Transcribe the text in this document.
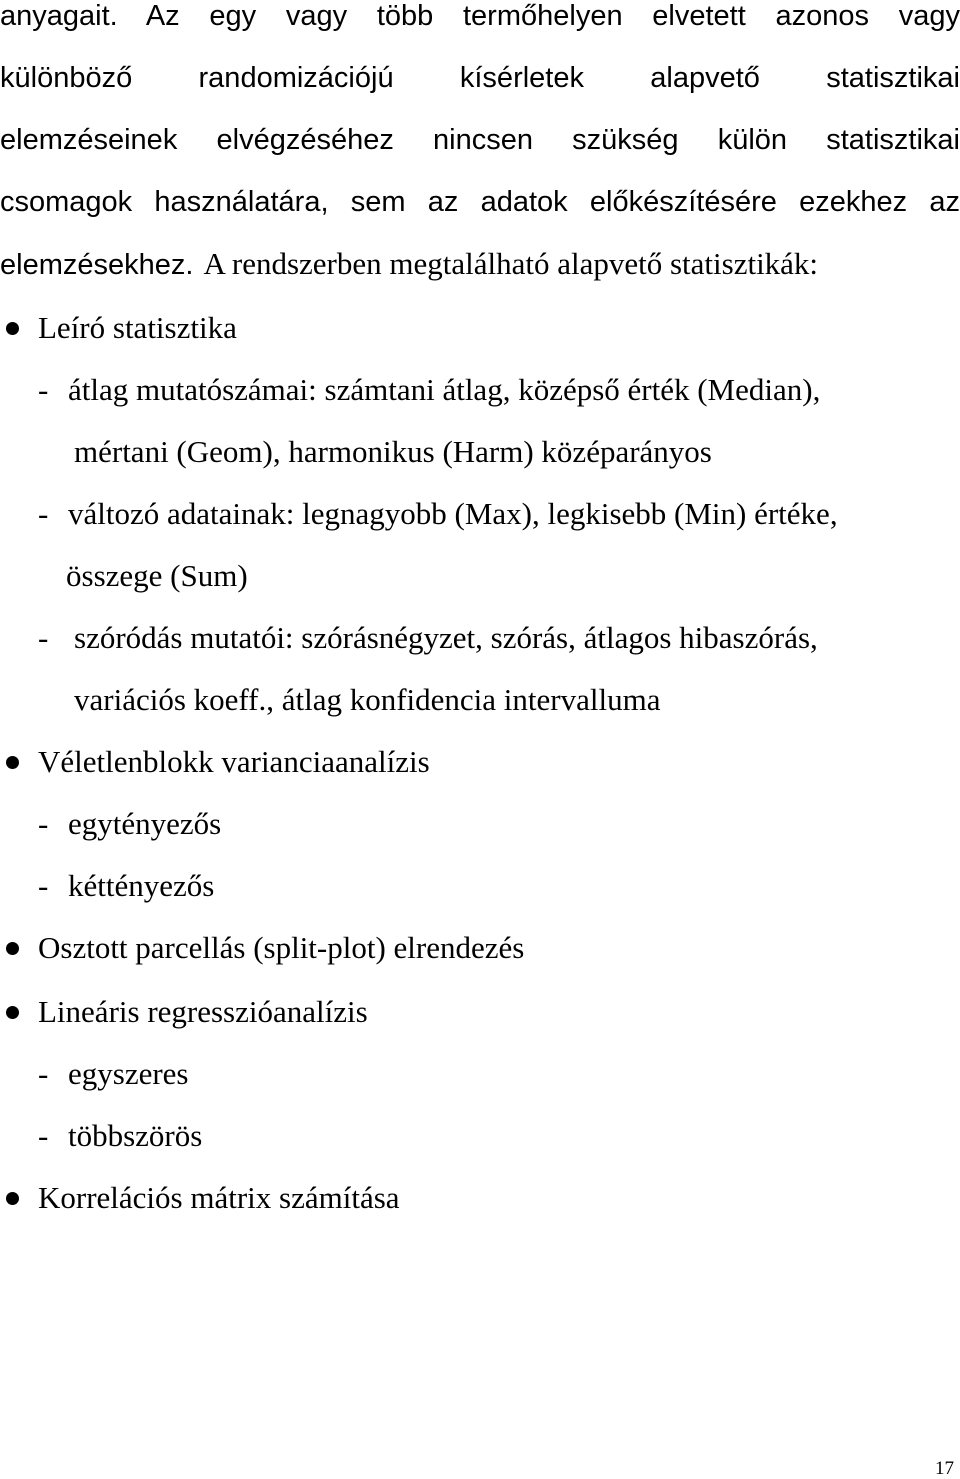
anyagait. Az egy vagy több termőhelyen elvetett azonos vagy
különböző randomizációjú kísérletek alapvető statisztikai
elemzéseinek elvégzéséhez nincsen szükség külön statisztikai
csomagok használatára, sem az adatok előkészítésére ezekhez az
elemzésekhez. A rendszerben megtalálható alapvető statisztikák:
Leíró statisztika
- átlag mutatószámai: számtani átlag, középső érték (Median),
mértani (Geom), harmonikus (Harm) középarányos
- változó adatainak: legnagyobb (Max), legkisebb (Min) értéke,
összege (Sum)
- szóródás mutatói: szórásnégyzet, szórás, átlagos hibaszórás,
variációs koeff., átlag konfidencia intervalluma
Véletlenblokk varianciaanalízis
- egytényezős
- kéttényezős
Osztott parcellás (split-plot) elrendezés
Lineáris regresszióanalízis
- egyszeres
- többszörös
Korrelációs mátrix számítása
17
